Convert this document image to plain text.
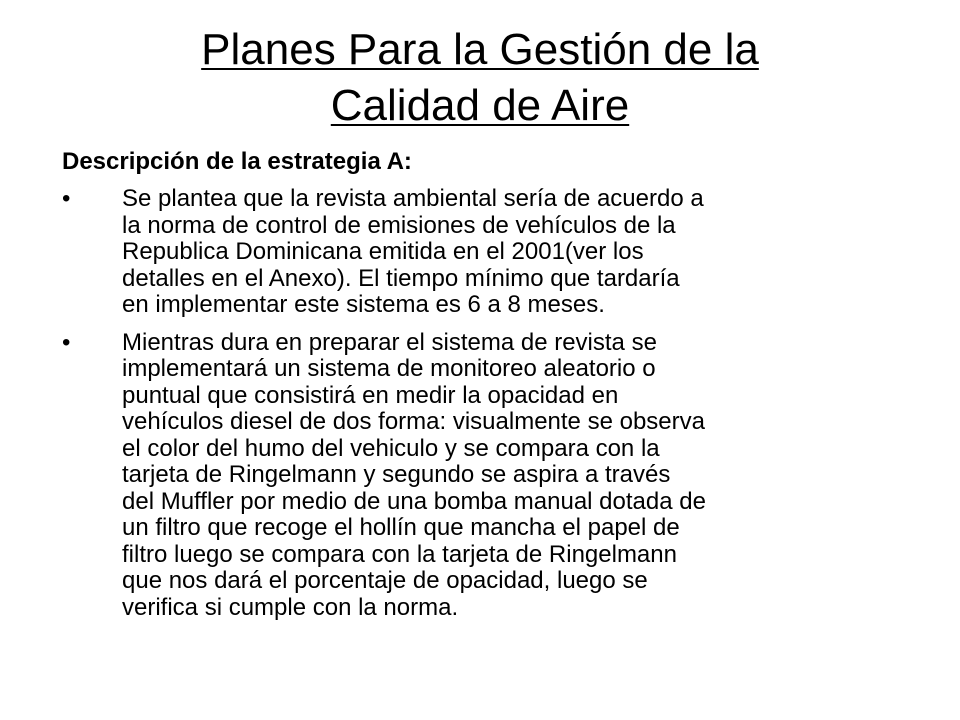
Planes Para la Gestión de la
Calidad de Aire

Descripción de la estrategia A:

•	Se plantea que la revista ambiental sería de acuerdo a
la norma de control de emisiones de vehículos de la
Republica Dominicana emitida en el 2001(ver los
detalles en el Anexo). El tiempo mínimo que tardaría
en implementar este sistema es 6 a 8 meses.
•	Mientras dura en preparar el sistema de revista se
implementará un sistema de monitoreo aleatorio o
puntual que consistirá en medir la opacidad en
vehículos diesel de dos forma: visualmente se observa
el color del humo del vehiculo y se compara con la
tarjeta de Ringelmann y segundo se aspira a través
del Muffler por medio de una bomba manual dotada de
un filtro que recoge el hollín que mancha el papel de
filtro luego se compara con la tarjeta de Ringelmann
que nos dará el porcentaje de opacidad, luego se
verifica si cumple con la norma.
